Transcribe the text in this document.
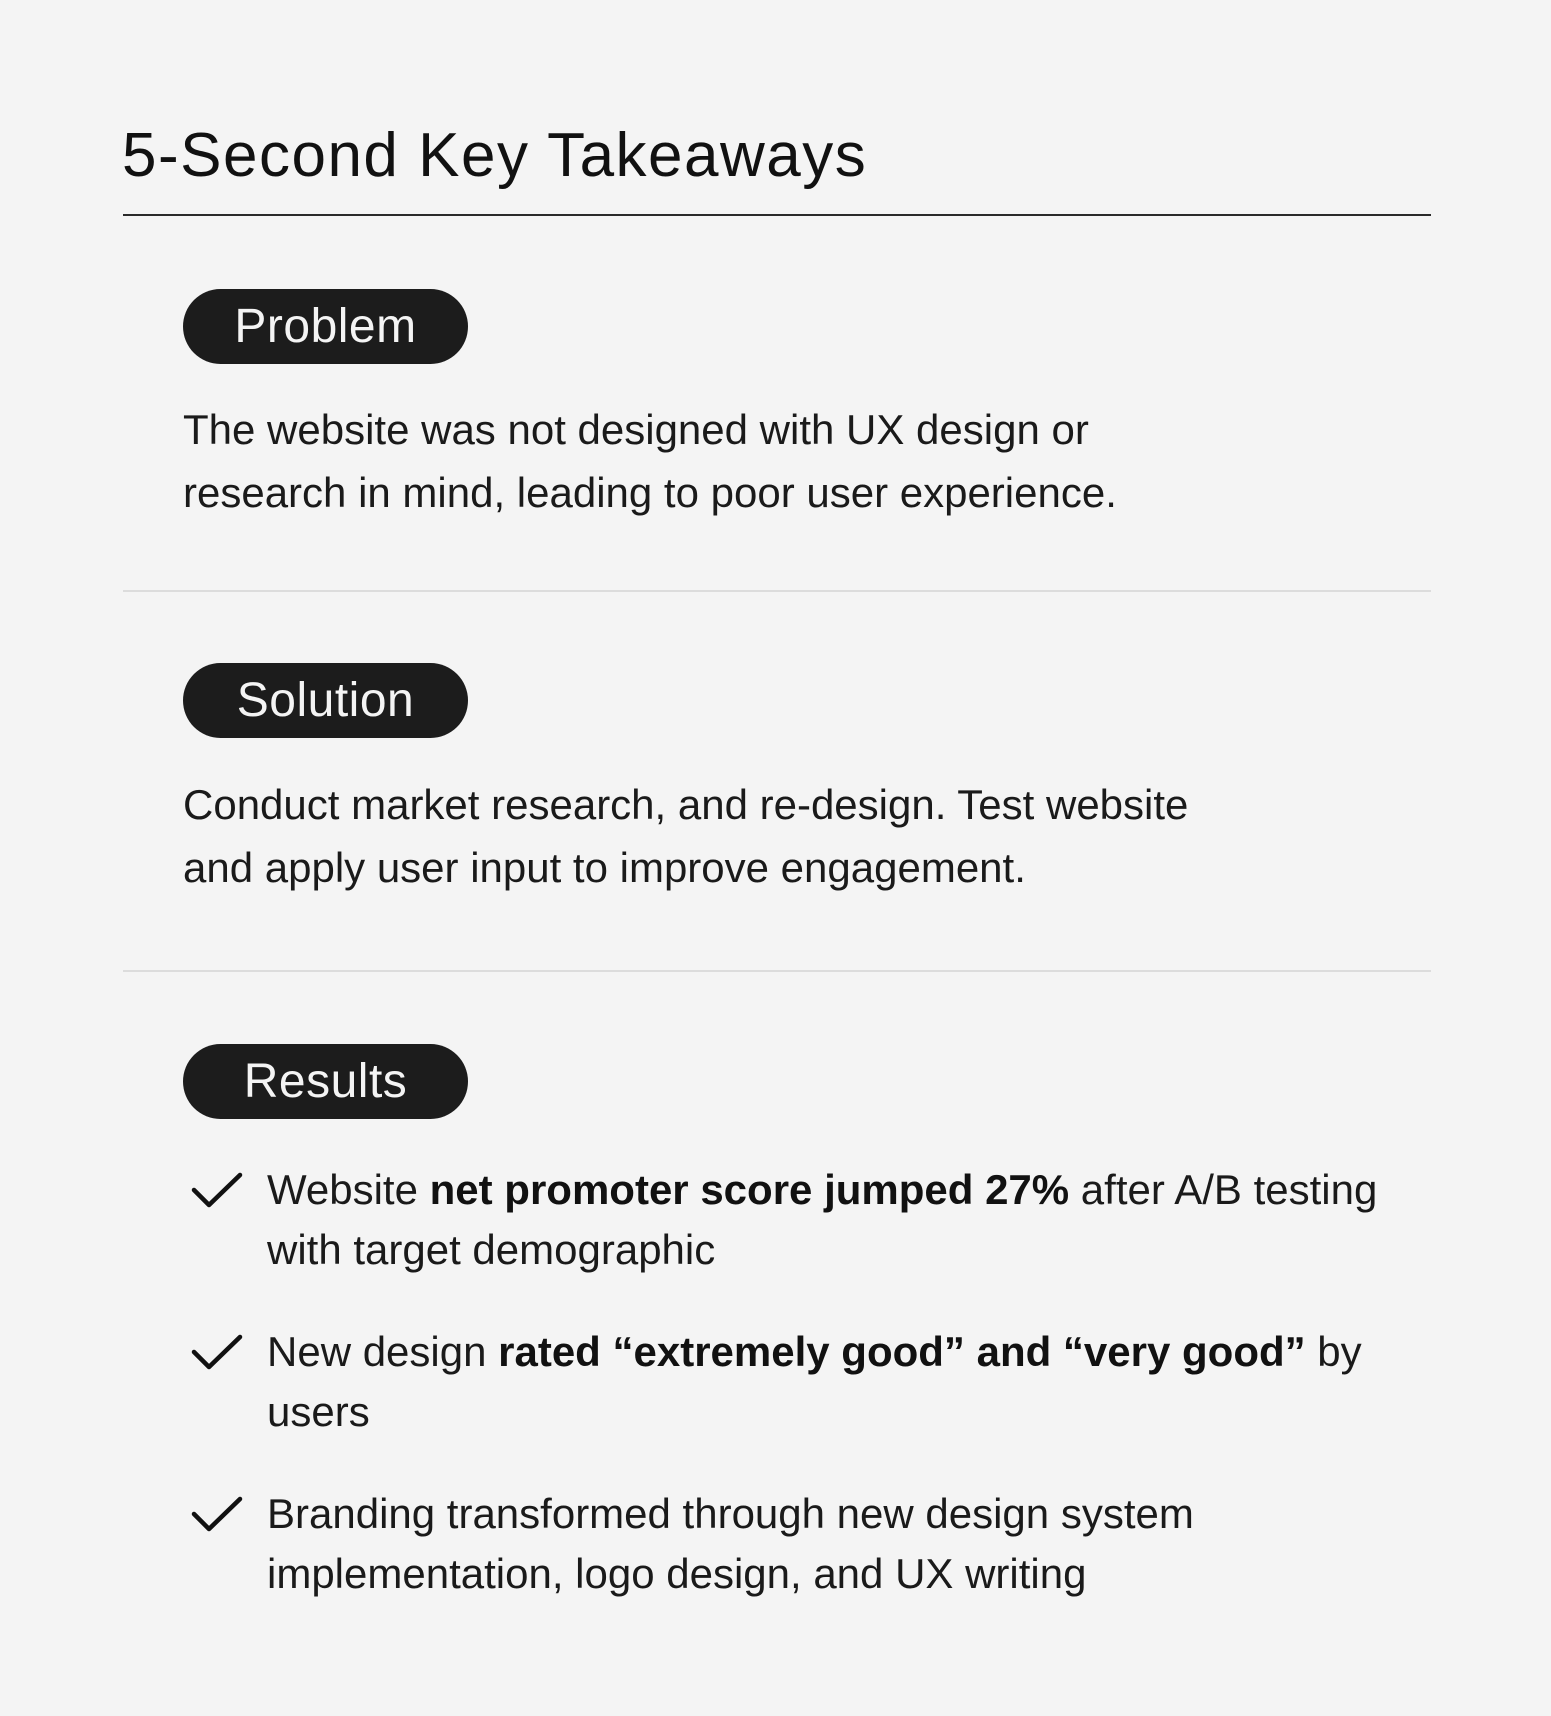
5-Second Key Takeaways
Problem

The website was not designed with UX design or
research in mind, leading to poor user experience.

Solution

Conduct market research, and re-design. Test website
and apply user input to improve engagement.

Results
Website net promoter score jumped 27% after A/B testing with target demographic
New design rated “extremely good” and “very good” by users
Branding transformed through new design system implementation, logo design, and UX writing
